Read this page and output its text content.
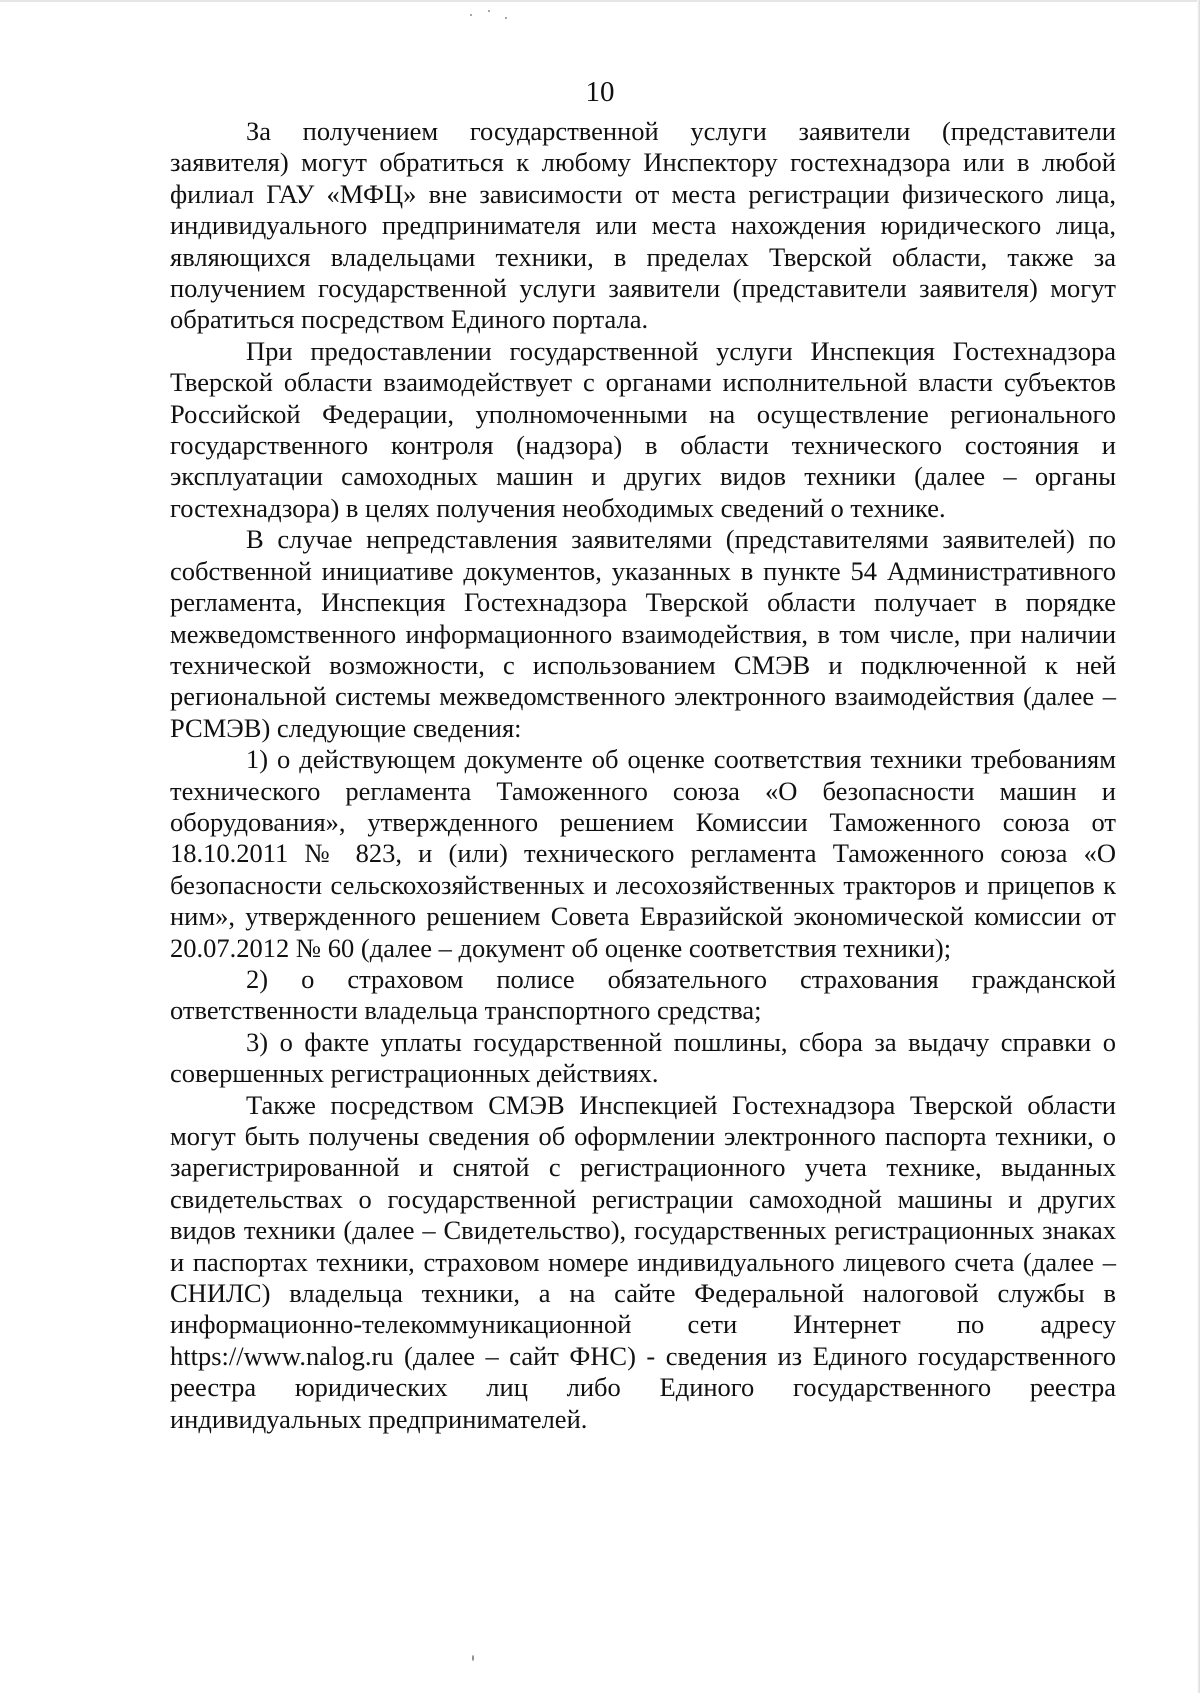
10

За получением государственной услуги заявители (представители заявителя) могут обратиться к любому Инспектору гостехнадзора или в любой филиал ГАУ «МФЦ» вне зависимости от места регистрации физического лица, индивидуального предпринимателя или места нахождения юридического лица, являющихся владельцами техники, в пределах Тверской области, также за получением государственной услуги заявители (представители заявителя) могут обратиться посредством Единого портала.

При предоставлении государственной услуги Инспекция Гостехнадзора Тверской области взаимодействует с органами исполнительной власти субъектов Российской Федерации, уполномоченными на осуществление регионального государственного контроля (надзора) в области технического состояния и эксплуатации самоходных машин и других видов техники (далее – органы гостехнадзора) в целях получения необходимых сведений о технике.

В случае непредставления заявителями (представителями заявителей) по собственной инициативе документов, указанных в пункте 54 Административного регламента, Инспекция Гостехнадзора Тверской области получает в порядке межведомственного информационного взаимодействия, в том числе, при наличии технической возможности, с использованием СМЭВ и подключенной к ней региональной системы межведомственного электронного взаимодействия (далее – РСМЭВ) следующие сведения:

1) о действующем документе об оценке соответствия техники требованиям технического регламента Таможенного союза «О безопасности машин и оборудования», утвержденного решением Комиссии Таможенного союза от 18.10.2011 № 823, и (или) технического регламента Таможенного союза «О безопасности сельскохозяйственных и лесохозяйственных тракторов и прицепов к ним», утвержденного решением Совета Евразийской экономической комиссии от 20.07.2012 № 60 (далее – документ об оценке соответствия техники);

2) о страховом полисе обязательного страхования гражданской ответственности владельца транспортного средства;

3) о факте уплаты государственной пошлины, сбора за выдачу справки о совершенных регистрационных действиях.

Также посредством СМЭВ Инспекцией Гостехнадзора Тверской области могут быть получены сведения об оформлении электронного паспорта техники, о зарегистрированной и снятой с регистрационного учета технике, выданных свидетельствах о государственной регистрации самоходной машины и других видов техники (далее – Свидетельство), государственных регистрационных знаках и паспортах техники, страховом номере индивидуального лицевого счета (далее – СНИЛС) владельца техники, а на сайте Федеральной налоговой службы в информационно-телекоммуникационной сети Интернет по адресу https://www.nalog.ru (далее – сайт ФНС) - сведения из Единого государственного реестра юридических лиц либо Единого государственного реестра индивидуальных предпринимателей.
